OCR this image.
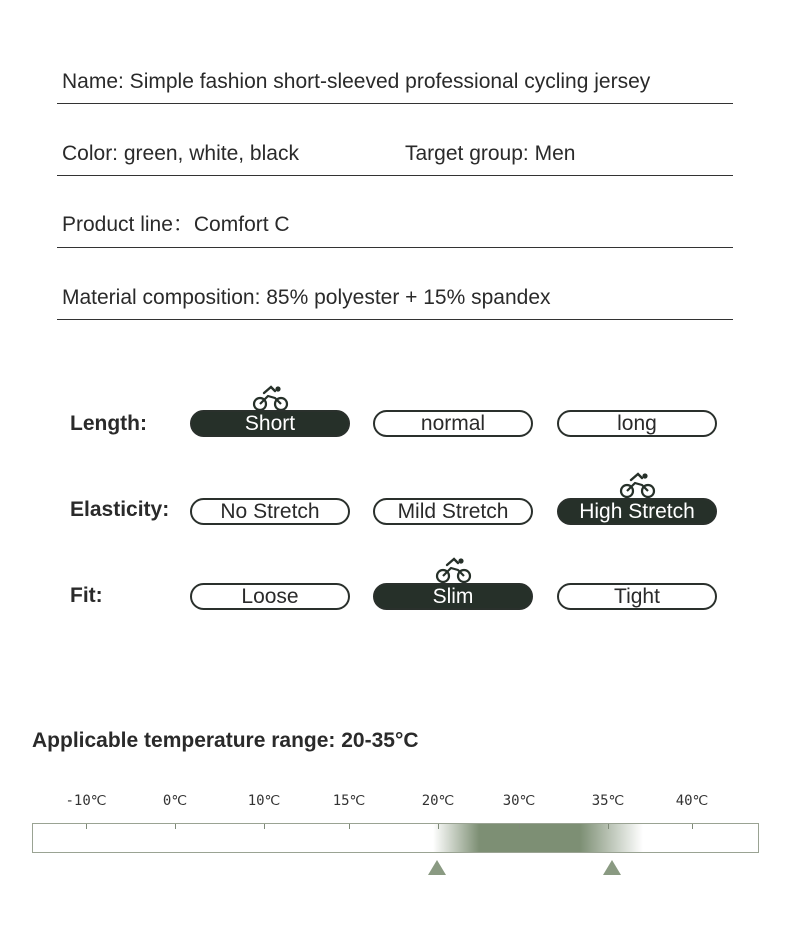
Name: Simple fashion short-sleeved professional cycling jersey
Color: green, white, black	Target group: Men
Product line：Comfort C
Material composition: 85% polyester + 15% spandex
Length:	Short	normal	long
Elasticity:	No Stretch	Mild Stretch	High Stretch
Fit:	Loose	Slim	Tight
Applicable temperature range: 20-35°C
-10℃	0℃	10℃	15℃	20℃	30℃	35℃	40℃
